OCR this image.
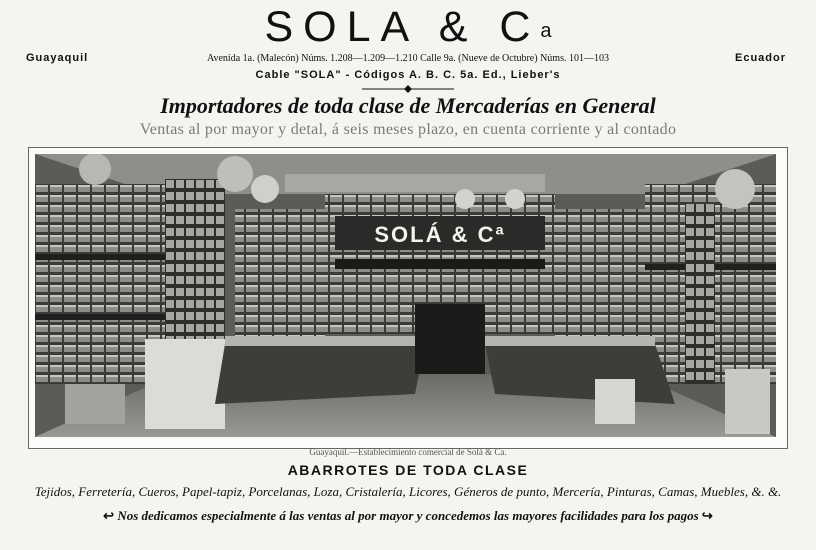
SOLA & $C^a$
Guayaquil	Ecuador
Avenida 1a. (Malecón) Núms. 1.208—1.209—1.210 Calle 9a. (Nueve de Octubre) Núms. 101—103
Cable "SOLA" - Códigos A. B. C. 5a. Ed., Lieber's
Importadores de toda clase de Mercaderías en General
Ventas al por mayor y detal, á seis meses plazo, en cuenta corriente y al contado
SOLÁ & Cª
Guayaquil.—Establecimiento comercial de Solá & Ca.
ABARROTES DE TODA CLASE
Tejidos, Ferretería, Cueros, Papel-tapiz, Porcelanas, Loza, Cristalería, Licores, Géneros de punto, Mercería, Pinturas, Camas, Muebles, &. &.
↩ Nos dedicamos especialmente á las ventas al por mayor y concedemos las mayores facilidades para los pagos ↪
